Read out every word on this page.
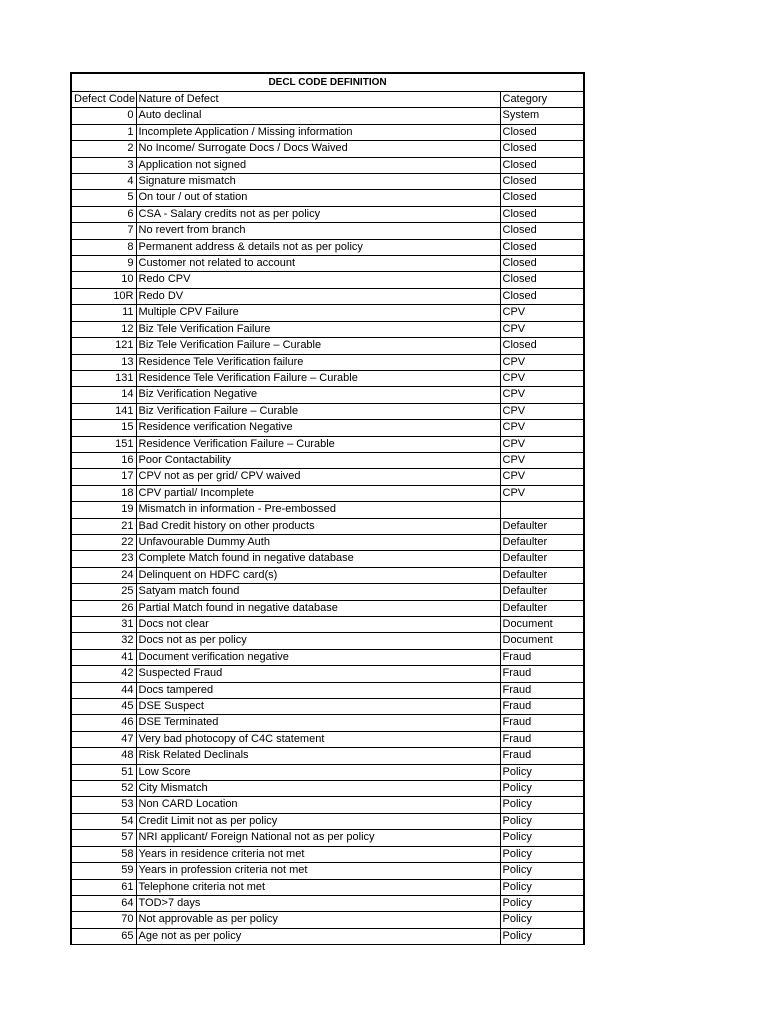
DECL CODE DEFINITION		
Defect Code	Nature of Defect	Category
0	Auto declinal	System
1	Incomplete Application / Missing information	Closed
2	No Income/ Surrogate Docs / Docs Waived	Closed
3	Application not signed	Closed
4	Signature mismatch	Closed
5	On tour / out of station	Closed
6	CSA - Salary credits not as per policy	Closed
7	No revert from branch	Closed
8	Permanent address & details not as per policy	Closed
9	Customer not related to account	Closed
10	Redo CPV	Closed
10R	Redo DV	Closed
11	Multiple CPV Failure	CPV
12	Biz Tele Verification Failure	CPV
121	Biz Tele Verification Failure – Curable	Closed
13	Residence Tele Verification failure	CPV
131	Residence Tele Verification Failure – Curable	CPV
14	Biz Verification Negative	CPV
141	Biz Verification Failure – Curable	CPV
15	Residence verification Negative	CPV
151	Residence Verification Failure – Curable	CPV
16	Poor Contactability	CPV
17	CPV not as per grid/ CPV waived	CPV
18	CPV partial/ Incomplete	CPV
19	Mismatch in information - Pre-embossed	
21	Bad Credit history on other products	Defaulter
22	Unfavourable Dummy Auth	Defaulter
23	Complete Match found in negative database	Defaulter
24	Delinquent on HDFC card(s)	Defaulter
25	Satyam match found	Defaulter
26	Partial Match found in negative database	Defaulter
31	Docs not clear	Document
32	Docs not as per policy	Document
41	Document verification negative	Fraud
42	Suspected Fraud	Fraud
44	Docs tampered	Fraud
45	DSE Suspect	Fraud
46	DSE Terminated	Fraud
47	Very bad photocopy of C4C statement	Fraud
48	Risk Related Declinals	Fraud
51	Low Score	Policy
52	City Mismatch	Policy
53	Non CARD Location	Policy
54	Credit Limit not as per policy	Policy
57	NRI applicant/ Foreign National not as per policy	Policy
58	Years in residence criteria not met	Policy
59	Years in profession criteria not met	Policy
61	Telephone criteria not met	Policy
64	TOD>7 days	Policy
70	Not approvable as per policy	Policy
65	Age not as per policy	Policy
